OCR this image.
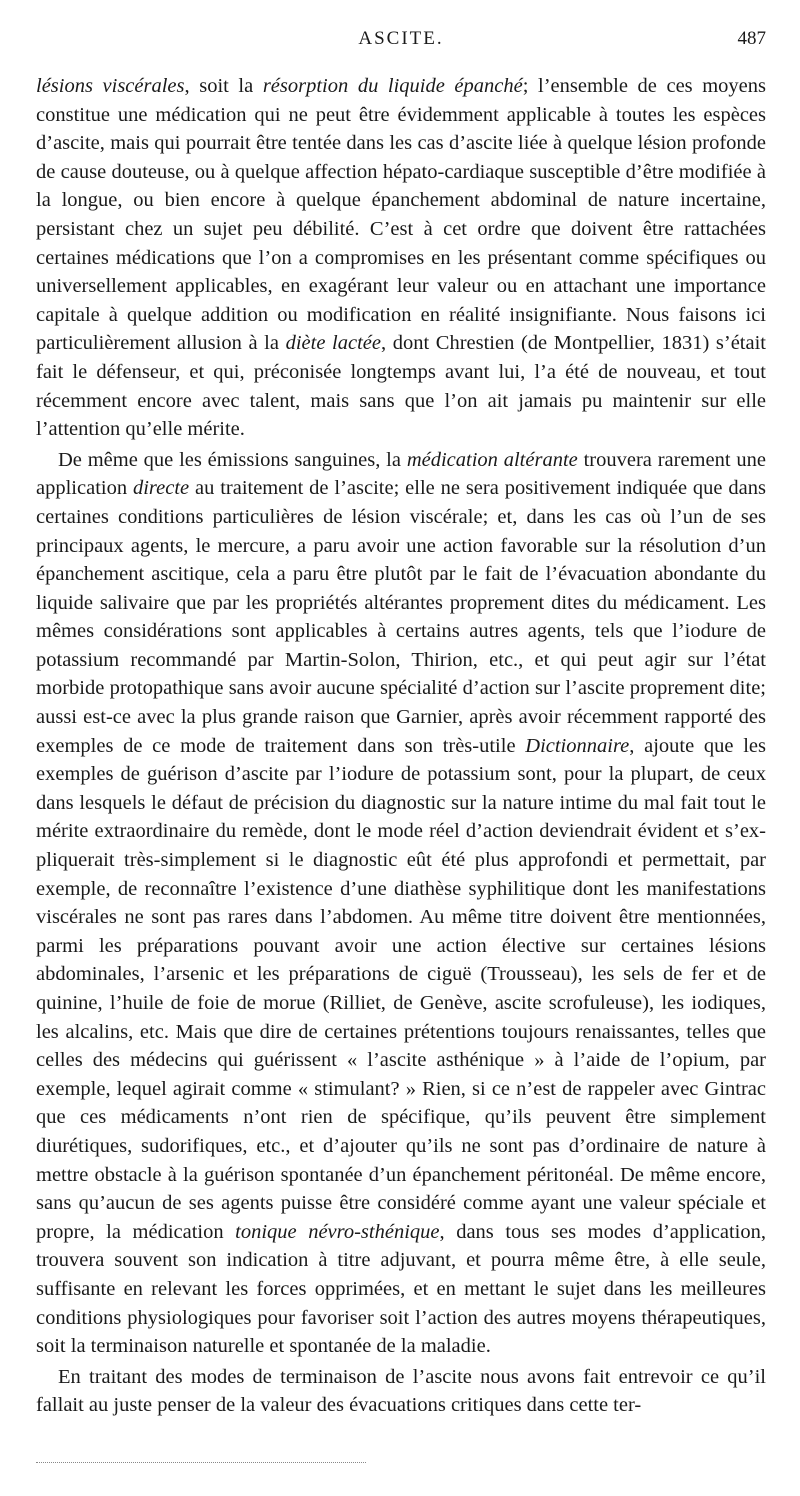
ASCITE.	487

lésions viscérales, soit la résorption du liquide épanché; l’ensemble de ces moyens constitue une médication qui ne peut être évidemment applicable à toutes les espèces d’ascite, mais qui pourrait être tentée dans les cas d’ascite liée à quelque lésion profonde de cause douteuse, ou à quelque affection hépato-cardiaque susceptible d’être modifiée à la longue, ou bien encore à quelque épanchement abdominal de nature incertaine, persistant chez un sujet peu débilité. C’est à cet ordre que doivent être rattachées certaines médications que l’on a compromises en les présentant comme spécifiques ou universellement applicables, en exagérant leur valeur ou en attachant une importance capitale à quelque addition ou modification en réalité insignifiante. Nous faisons ici particulièrement allusion à la diète lactée, dont Chrestien (de Montpellier, 1831) s’était fait le défenseur, et qui, préconisée longtemps avant lui, l’a été de nouveau, et tout récemment encore avec talent, mais sans que l’on ait jamais pu maintenir sur elle l’attention qu’elle mérite.

De même que les émissions sanguines, la médication altérante trouvera rarement une application directe au traitement de l’ascite; elle ne sera positivement indiquée que dans certaines conditions particulières de lésion viscérale; et, dans les cas où l’un de ses principaux agents, le mercure, a paru avoir une action favorable sur la résolution d’un épanchement ascitique, cela a paru être plutôt par le fait de l’évacuation abondante du liquide salivaire que par les propriétés altérantes proprement dites du médicament. Les mêmes considérations sont applicables à certains autres agents, tels que l’iodure de potassium recommandé par Martin-Solon, Thirion, etc., et qui peut agir sur l’état morbide protopathique sans avoir aucune spécialité d’action sur l’ascite proprement dite; aussi est-ce avec la plus grande raison que Garnier, après avoir récemment rapporté des exemples de ce mode de traitement dans son très-utile Dictionnaire, ajoute que les exemples de guérison d’ascite par l’iodure de potassium sont, pour la plupart, de ceux dans lesquels le défaut de précision du diagnostic sur la nature intime du mal fait tout le mérite extraordinaire du remède, dont le mode réel d’action deviendrait évident et s’expliquerait très-simplement si le diagnostic eût été plus approfondi et permettait, par exemple, de reconnaître l’existence d’une diathèse syphilitique dont les manifestations viscérales ne sont pas rares dans l’abdomen. Au même titre doivent être mentionnées, parmi les préparations pouvant avoir une action élective sur certaines lésions abdominales, l’arsenic et les préparations de ciguë (Trousseau), les sels de fer et de quinine, l’huile de foie de morue (Rilliet, de Genève, ascite scrofuleuse), les iodiques, les alcalins, etc. Mais que dire de certaines prétentions toujours renaissantes, telles que celles des médecins qui guérissent « l’ascite asthénique » à l’aide de l’opium, par exemple, lequel agirait comme « stimulant? » Rien, si ce n’est de rappeler avec Gintrac que ces médicaments n’ont rien de spécifique, qu’ils peuvent être simplement diurétiques, sudorifiques, etc., et d’ajouter qu’ils ne sont pas d’ordinaire de nature à mettre obstacle à la guérison spontanée d’un épanchement péritonéal. De même encore, sans qu’aucun de ses agents puisse être considéré comme ayant une valeur spéciale et propre, la médication tonique névro-sthénique, dans tous ses modes d’application, trouvera souvent son indication à titre adjuvant, et pourra même être, à elle seule, suffisante en relevant les forces opprimées, et en mettant le sujet dans les meilleures conditions physiologiques pour favoriser soit l’action des autres moyens thérapeutiques, soit la terminaison naturelle et spontanée de la maladie.

En traitant des modes de terminaison de l’ascite nous avons fait entrevoir ce qu’il fallait au juste penser de la valeur des évacuations critiques dans cette ter-
